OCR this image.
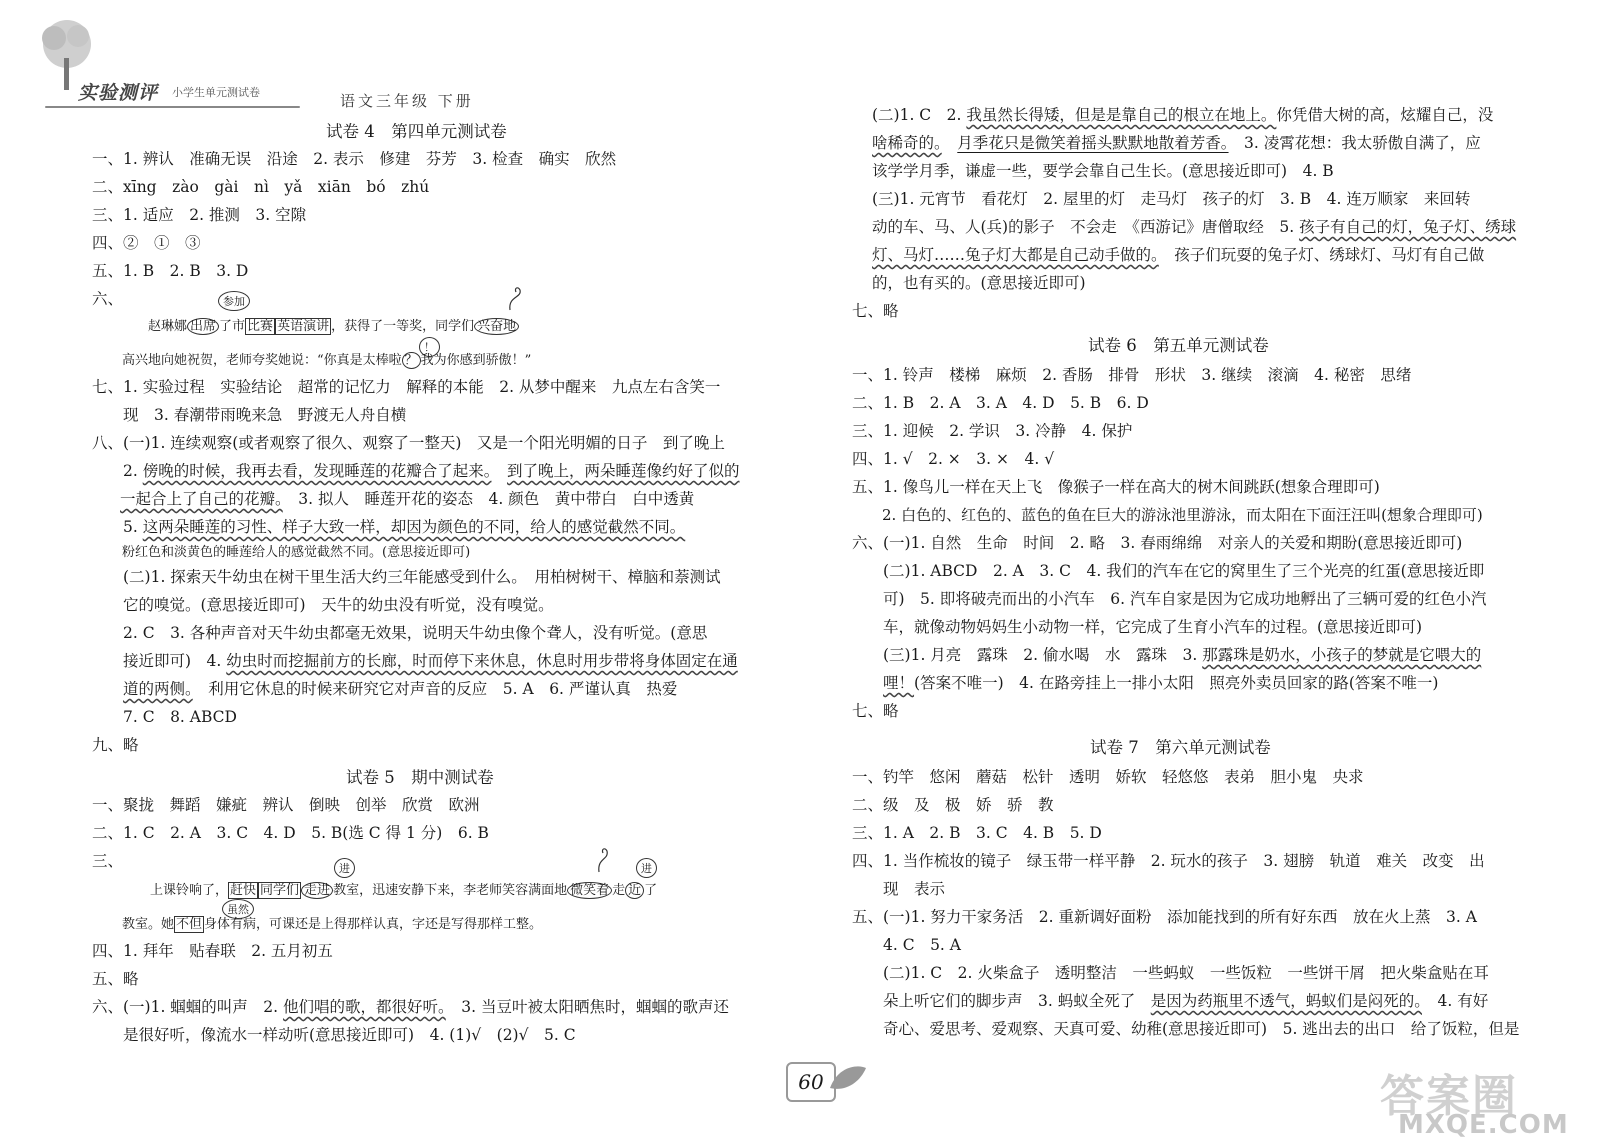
实验测评 小学生单元测试卷	语文三年级 下册
试卷 4　第四单元测试卷
一、1. 辨认　准确无误　沿途　2. 表示　修建　芬芳　3. 检查　确实　欣然
二、xīng　zào　gài　nì　yǎ　xiān　bó　zhú
三、1. 适应　2. 推测　3. 空隙
四、②　①　③
五、1. B　2. B　3. D
六、	参加
赵琳娜 出席 了市 比赛 英语演讲 ，获得了一等奖，同学们 兴奋地
！
高兴地向她祝贺，老师夸奖她说：“你真是太棒啦 ？ 我为你感到骄傲！”
七、1. 实验过程　实验结论　超常的记忆力　解释的本能　2. 从梦中醒来　九点左右含笑一
　　现　3. 春潮带雨晚来急　野渡无人舟自横
八、(一)1. 连续观察(或者观察了很久、观察了一整天)　又是一个阳光明媚的日子　到了晚上
　　2. 傍晚的时候，我再去看，发现睡莲的花瓣合了起来。　 到了晚上，两朵睡莲像约好了似的
一起合上了自己的花瓣。　3. 拟人　睡莲开花的姿态　4. 颜色　黄中带白　白中透黄
　　5. 这两朵睡莲的习性、样子大致一样，却因为颜色的不同，给人的感觉截然不同。
　　粉红色和淡黄色的睡莲给人的感觉截然不同。(意思接近即可)
　　(二)1. 探索天牛幼虫在树干里生活大约三年能感受到什么。　用柏树树干、樟脑和萘测试
　　它的嗅觉。(意思接近即可)　天牛的幼虫没有听觉，没有嗅觉。
　　2. C　3. 各种声音对天牛幼虫都毫无效果，说明天牛幼虫像个聋人，没有听觉。(意思
　　接近即可)　4. 幼虫时而挖掘前方的长廊，时而停下来休息，休息时用步带将身体固定在通
　　道的两侧。　利用它休息的时候来研究它对声音的反应　5. A　6. 严谨认真　热爱
　　7. C　8. ABCD
九、略
试卷 5　期中测试卷
一、聚拢　舞蹈　嫌疵　辨认　倒映　创举　欣赏　欧洲
二、1. C　2. A　3. C　4. D　5. B(选 C 得 1 分)　6. B
三、	进	进
上课铃响了， 赶快 同学们 走进 教室，迅速安静下来，李老师笑容满面地 微笑着 走 近 了
虽然
教室。她 不但 身体有病，可课还是上得那样认真，字还是写得那样工整。
四、1. 拜年　贴春联　2. 五月初五
五、略
六、(一)1. 蝈蝈的叫声　2. 他们唱的歌，都很好听。　3. 当豆叶被太阳晒焦时，蝈蝈的歌声还
　　是很好听，像流水一样动听(意思接近即可)　4. (1)√　(2)√　5. C
(二)1. C　2. 我虽然长得矮，但是是靠自己的根立在地上。你凭借大树的高，炫耀自己，没
啥稀奇的。　 月季花只是微笑着摇头默默地散着芳香。　3. 凌霄花想：我太骄傲自满了，应
该学学月季，谦虚一些，要学会靠自己生长。(意思接近即可)　4. B
(三)1. 元宵节　看花灯　2. 屋里的灯　走马灯　孩子的灯　3. B　4. 连万顺家　来回转
动的车、马、人(兵)的影子　不会走　《西游记》唐僧取经　5. 孩子有自己的灯，兔子灯、绣球
灯、马灯……兔子灯大都是自己动手做的。　孩子们玩耍的兔子灯、绣球灯、马灯有自己做
的，也有买的。(意思接近即可)
七、略
试卷 6　第五单元测试卷
一、1. 铃声　楼梯　麻烦　2. 香肠　排骨　形状　3. 继续　滚滴　4. 秘密　思绪
二、1. B　2. A　3. A　4. D　5. B　6. D
三、1. 迎候　2. 学识　3. 冷静　4. 保护
四、1. √　2. ×　3. ×　4. √
五、1. 像鸟儿一样在天上飞　像猴子一样在高大的树木间跳跃(想象合理即可)
　　2. 白色的、红色的、蓝色的鱼在巨大的游泳池里游泳，而太阳在下面汪汪叫(想象合理即可)
六、(一)1. 自然　生命　时间　2. 略　3. 春雨绵绵　对亲人的关爱和期盼(意思接近即可)
　　(二)1. ABCD　2. A　3. C　4. 我们的汽车在它的窝里生了三个光亮的红蛋(意思接近即
　　可)　5. 即将破壳而出的小汽车　6. 汽车自家是因为它成功地孵出了三辆可爱的红色小汽
　　车，就像动物妈妈生小动物一样，它完成了生育小汽车的过程。(意思接近即可)
　　(三)1. 月亮　露珠　2. 偷水喝　水　露珠　3. 那露珠是奶水，小孩子的梦就是它喂大的
　　哩！(答案不唯一)　4. 在路旁挂上一排小太阳　照亮外卖员回家的路(答案不唯一)
七、略
试卷 7　第六单元测试卷
一、钓竿　悠闲　蘑菇　松针　透明　娇软　轻悠悠　表弟　胆小鬼　央求
二、级　及　极　娇　骄　教
三、1. A　2. B　3. C　4. B　5. D
四、1. 当作梳妆的镜子　绿玉带一样平静　2. 玩水的孩子　3. 翅膀　轨道　难关　改变　出
　　现　表示
五、(一)1. 努力干家务活　2. 重新调好面粉　添加能找到的所有好东西　放在火上蒸　3. A
　　4. C　5. A
　　(二)1. C　2. 火柴盒子　透明整洁　一些蚂蚁　一些饭粒　一些饼干屑　把火柴盒贴在耳
　　朵上听它们的脚步声　3. 蚂蚁全死了　是因为药瓶里不透气，蚂蚁们是闷死的。　4. 有好
　　奇心、爱思考、爱观察、天真可爱、幼稚(意思接近即可)　5. 逃出去的出口　给了饭粒，但是
60	答案圈
MXQE.COM
